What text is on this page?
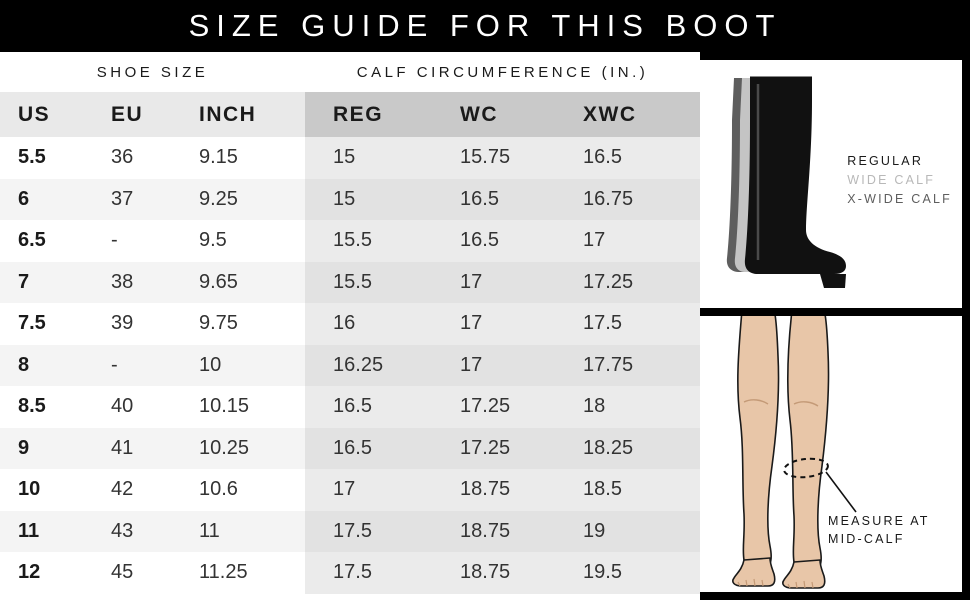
SIZE GUIDE FOR THIS BOOT
SHOE SIZE			CALF CIRCUMFERENCE (IN.)		
US	EU	INCH	REG	WC	XWC
5.5	36	9.15	15	15.75	16.5
6	37	9.25	15	16.5	16.75
6.5	-	9.5	15.5	16.5	17
7	38	9.65	15.5	17	17.25
7.5	39	9.75	16	17	17.5
8	-	10	16.25	17	17.75
8.5	40	10.15	16.5	17.25	18
9	41	10.25	16.5	17.25	18.25
10	42	10.6	17	18.75	18.5
11	43	11	17.5	18.75	19
12	45	11.25	17.5	18.75	19.5
REGULAR
WIDE CALF
X-WIDE CALF
MEASURE AT
MID-CALF
